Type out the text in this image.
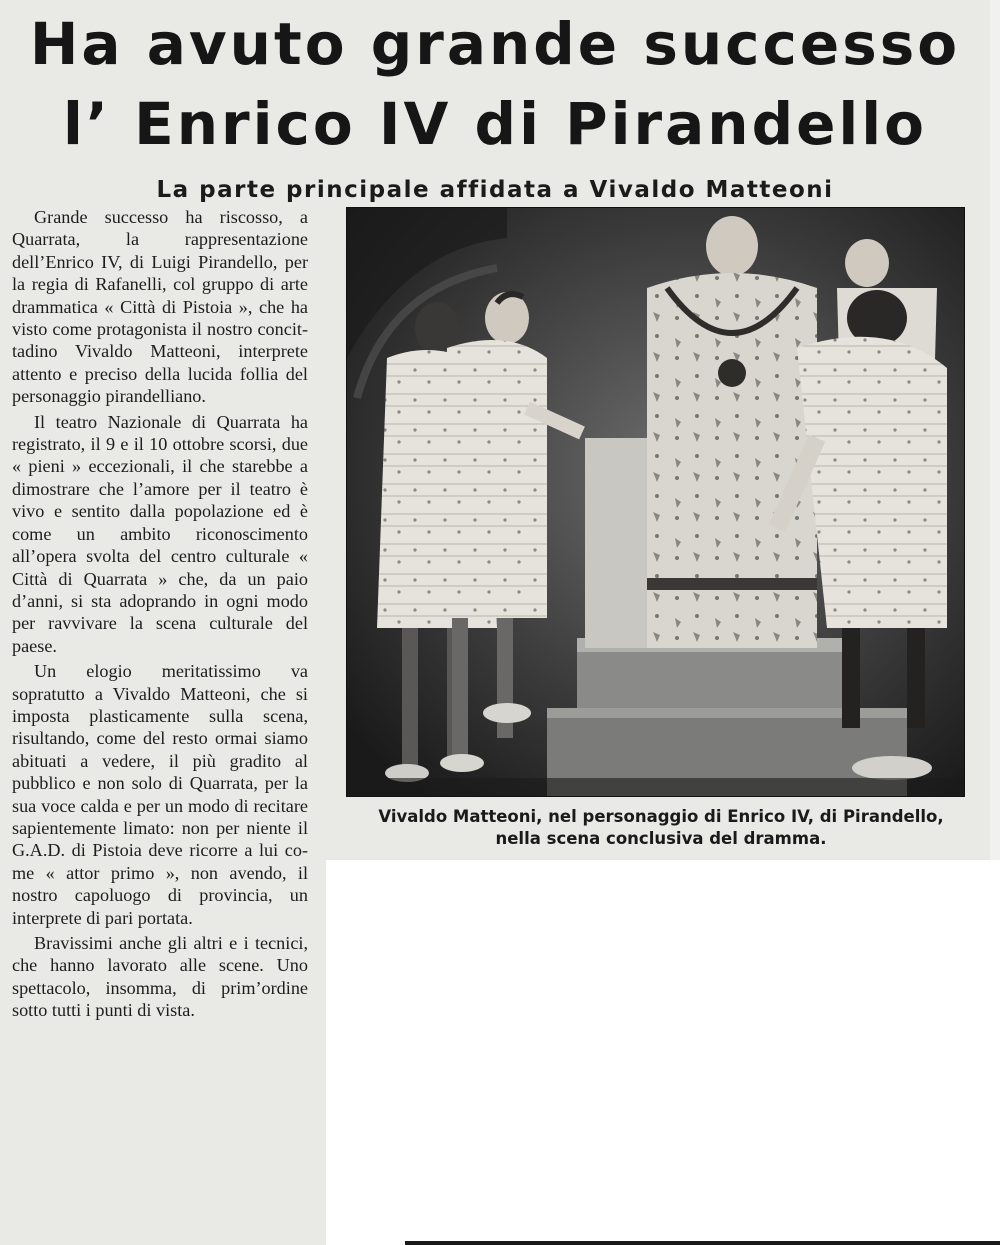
Ha avuto grande successo
l’ Enrico IV di Pirandello
La parte principale affidata a Vivaldo Matteoni

Grande successo ha riscosso, a Quarrata, la rappresentazione dell’Enrico IV, di Luigi Pirandello, per la regia di Rafanelli, col gruppo di arte drammatica « Città di Pistoia », che ha visto come protagonista il nostro concittadino Vivaldo Matteoni, interprete attento e preciso della lucida follia del personaggio pirandelliano.

Il teatro Nazionale di Quarrata ha registrato, il 9 e il 10 ottobre scorsi, due « pieni » eccezionali, il che starebbe a dimostrare che l’amore per il teatro è vivo e sentito dalla popolazione ed è come un ambito riconoscimento all’opera svolta del centro culturale « Città di Quarrata » che, da un paio d’anni, si sta adoprando in ogni modo per ravvivare la scena culturale del paese.

Un elogio meritatissimo va sopratutto a Vivaldo Matteoni, che si imposta plasticamente sulla scena, risultando, come del resto ormai siamo abituati a vedere, il più gradito al pubblico e non solo di Quarrata, per la sua voce calda e per un modo di recitare sapientemente limato: non per niente il G.A.D. di Pistoia deve ricorre a lui come « attor primo », non avendo, il nostro capoluogo di provincia, un interprete di pari portata.

Bravissimi anche gli altri e i tecnici, che hanno lavorato alle scene. Uno spettacolo, insomma, di prim’ordine sotto tutti i punti di vista.

Vivaldo Matteoni, nel personaggio di Enrico IV, di Pirandello,
nella scena conclusiva del dramma.
